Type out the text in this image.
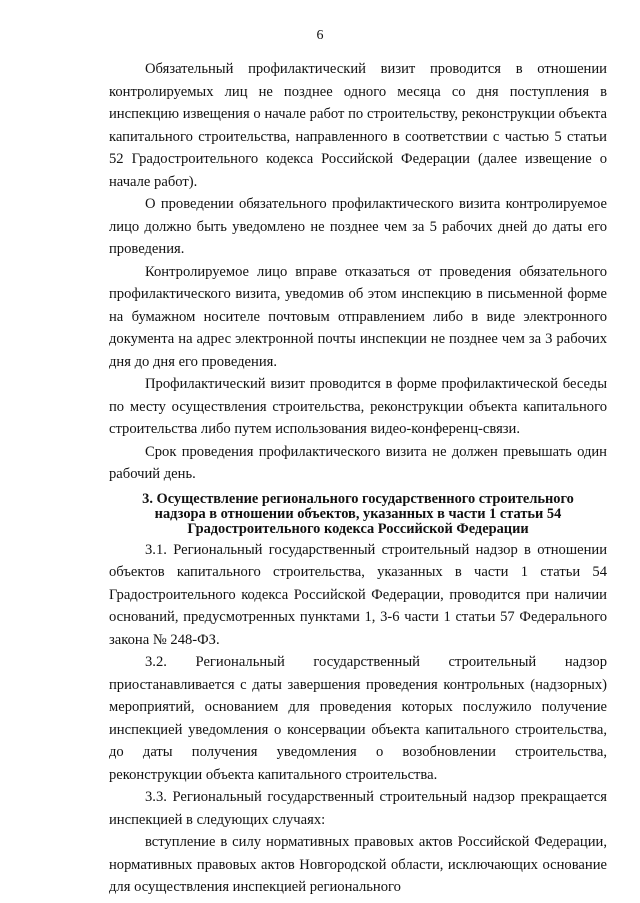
6

Обязательный профилактический визит проводится в отношении контролируемых лиц не позднее одного месяца со дня поступления в инспекцию извещения о начале работ по строительству, реконструкции объекта капитального строительства, направленного в соответствии с частью 5 статьи 52 Градостроительного кодекса Российской Федерации (далее извещение о начале работ).

О проведении обязательного профилактического визита контролируемое лицо должно быть уведомлено не позднее чем за 5 рабочих дней до даты его проведения.

Контролируемое лицо вправе отказаться от проведения обязательного профилактического визита, уведомив об этом инспекцию в письменной форме на бумажном носителе почтовым отправлением либо в виде электронного документа на адрес электронной почты инспекции не позднее чем за 3 рабочих дня до дня его проведения.

Профилактический визит проводится в форме профилактической беседы по месту осуществления строительства, реконструкции объекта капитального строительства либо путем использования видео-конференц-связи.

Срок проведения профилактического визита не должен превышать один рабочий день.

3. Осуществление регионального государственного строительного надзора в отношении объектов, указанных в части 1 статьи 54 Градостроительного кодекса Российской Федерации

3.1. Региональный государственный строительный надзор в отношении объектов капитального строительства, указанных в части 1 статьи 54 Градостроительного кодекса Российской Федерации, проводится при наличии оснований, предусмотренных пунктами 1, 3-6 части 1 статьи 57 Федерального закона № 248-ФЗ.

3.2. Региональный государственный строительный надзор приостанавливается с даты завершения проведения контрольных (надзорных) мероприятий, основанием для проведения которых послужило получение инспекцией уведомления о консервации объекта капитального строительства, до даты получения уведомления о возобновлении строительства, реконструкции объекта капитального строительства.

3.3. Региональный государственный строительный надзор прекращается инспекцией в следующих случаях:

вступление в силу нормативных правовых актов Российской Федерации, нормативных правовых актов Новгородской области, исключающих основание для осуществления инспекцией регионального
